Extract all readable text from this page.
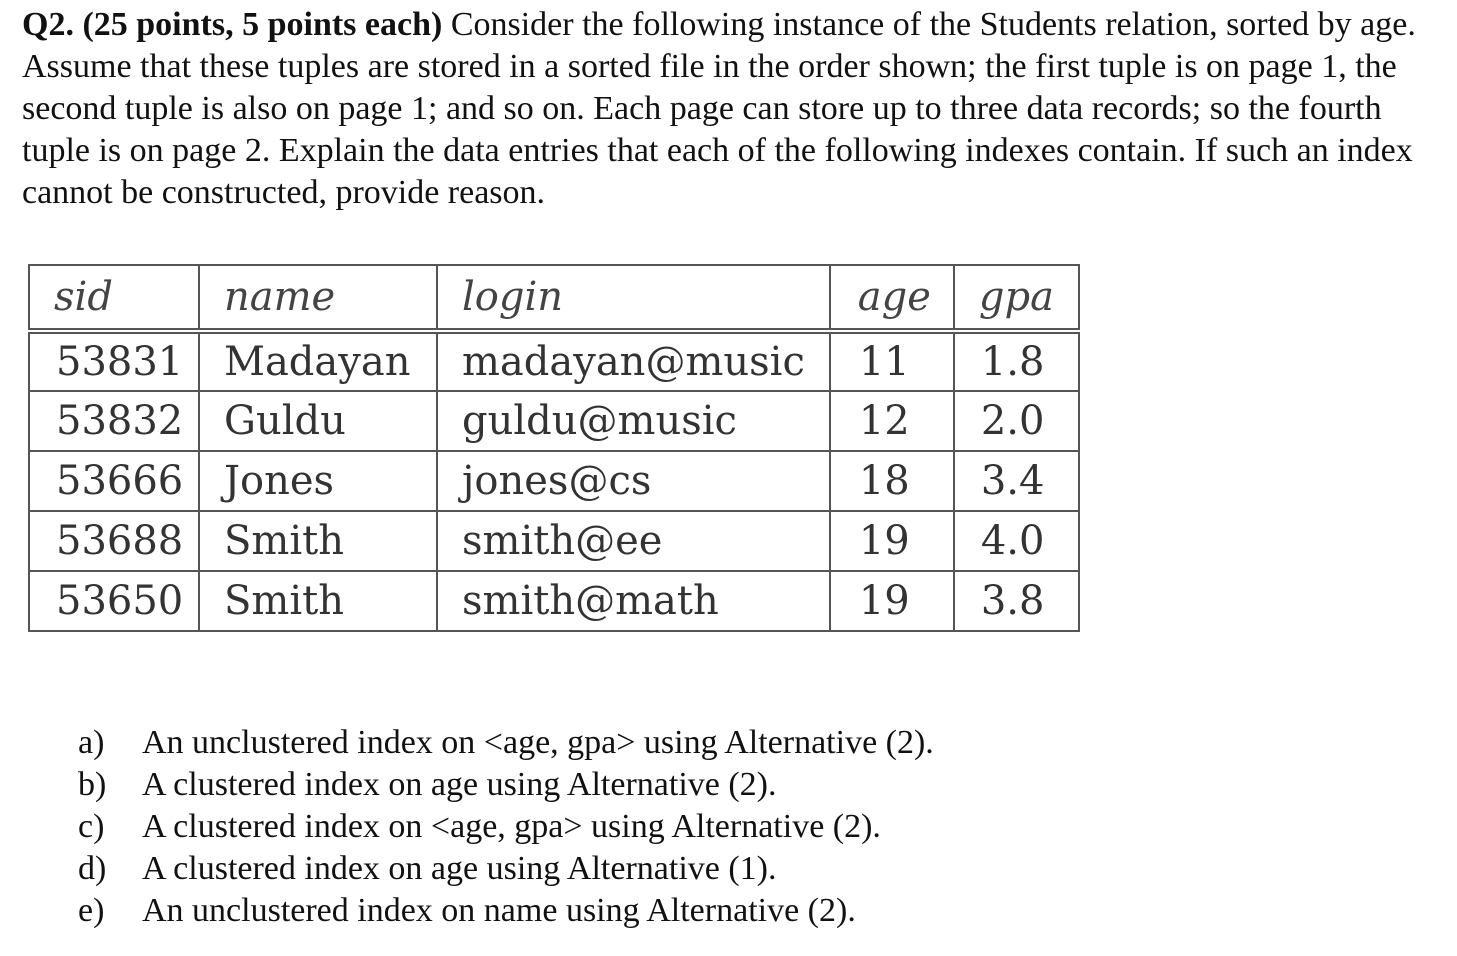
Q2. (25 points, 5 points each) Consider the following instance of the Students relation, sorted by age. Assume that these tuples are stored in a sorted file in the order shown; the first tuple is on page 1, the second tuple is also on page 1; and so on. Each page can store up to three data records; so the fourth tuple is on page 2. Explain the data entries that each of the following indexes contain. If such an index cannot be constructed, provide reason.

sid	name	login	age	gpa
53831	Madayan	madayan@music	11	1.8
53832	Guldu	guldu@music	12	2.0
53666	Jones	jones@cs	18	3.4
53688	Smith	smith@ee	19	4.0
53650	Smith	smith@math	19	3.8
a)	An unclustered index on <age, gpa> using Alternative (2).
b)	A clustered index on age using Alternative (2).
c)	A clustered index on <age, gpa> using Alternative (2).
d)	A clustered index on age using Alternative (1).
e)	An unclustered index on name using Alternative (2).
